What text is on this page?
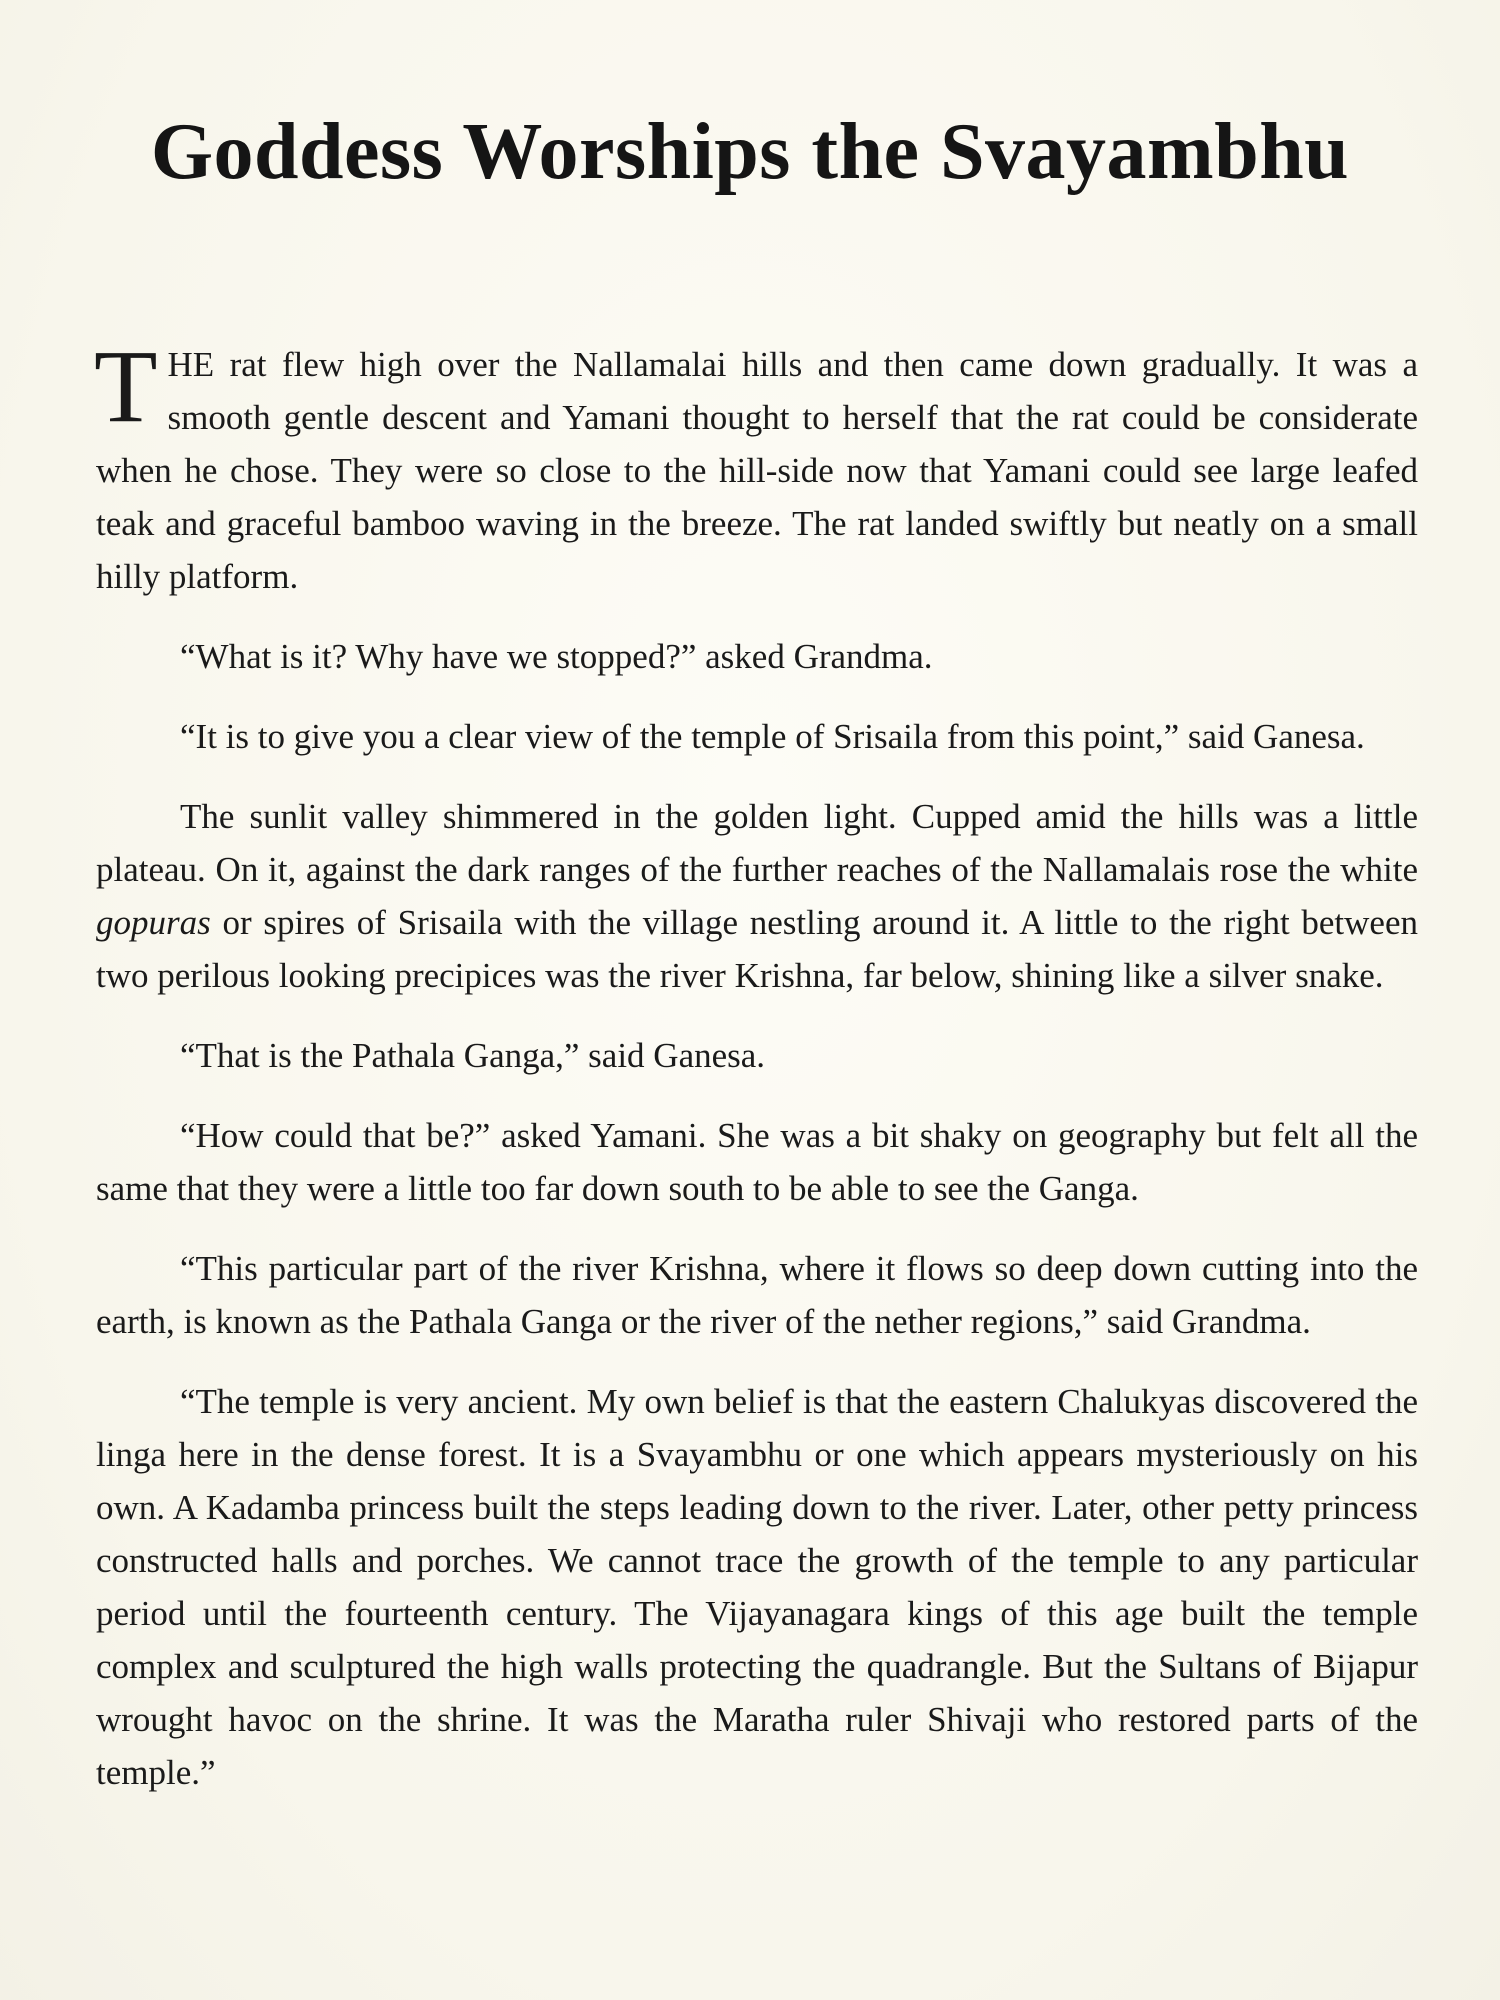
Goddess Worships the Svayambhu

THE rat flew high over the Nallamalai hills and then came down gradually. It was a smooth gentle descent and Yamani thought to herself that the rat could be considerate when he chose. They were so close to the hill-side now that Yamani could see large leafed teak and graceful bamboo waving in the breeze. The rat landed swiftly but neatly on a small hilly platform.

“What is it? Why have we stopped?” asked Grandma.

“It is to give you a clear view of the temple of Srisaila from this point,” said Ganesa.

The sunlit valley shimmered in the golden light. Cupped amid the hills was a little plateau. On it, against the dark ranges of the further reaches of the Nallamalais rose the white gopuras or spires of Srisaila with the village nestling around it. A little to the right between two perilous looking precipices was the river Krishna, far below, shining like a silver snake.

“That is the Pathala Ganga,” said Ganesa.

“How could that be?” asked Yamani. She was a bit shaky on geography but felt all the same that they were a little too far down south to be able to see the Ganga.

“This particular part of the river Krishna, where it flows so deep down cutting into the earth, is known as the Pathala Ganga or the river of the nether regions,” said Grandma.

“The temple is very ancient. My own belief is that the eastern Chalukyas discovered the linga here in the dense forest. It is a Svayambhu or one which appears mysteriously on his own. A Kadamba princess built the steps leading down to the river. Later, other petty princess constructed halls and porches. We cannot trace the growth of the temple to any particular period until the fourteenth century. The Vijayanagara kings of this age built the temple complex and sculptured the high walls protecting the quadrangle. But the Sultans of Bijapur wrought havoc on the shrine. It was the Maratha ruler Shivaji who restored parts of the temple.”
